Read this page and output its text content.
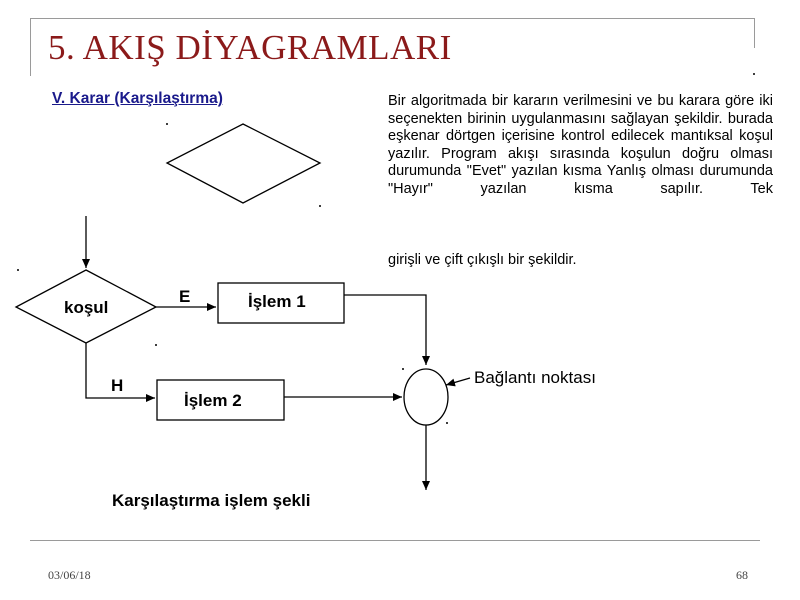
5. AKIŞ DİYAGRAMLARI
V. Karar (Karşılaştırma)	Bir algoritmada bir kararın verilmesini ve bu karara göre iki seçenekten birinin uygulanmasını sağlayan şekildir. burada eşkenar dörtgen içerisine kontrol edilecek mantıksal koşul yazılır. Program akışı sırasında koşulun doğru olması durumunda "Evet" yazılan kısma Yanlış olması durumunda "Hayır" yazılan kısma sapılır. Tek

girişli ve çift çıkışlı bir şekildir.

koşul
E	İşlem 1
H
İşlem 2
Bağlantı noktası
Karşılaştırma işlem şekli
03/06/18	68
